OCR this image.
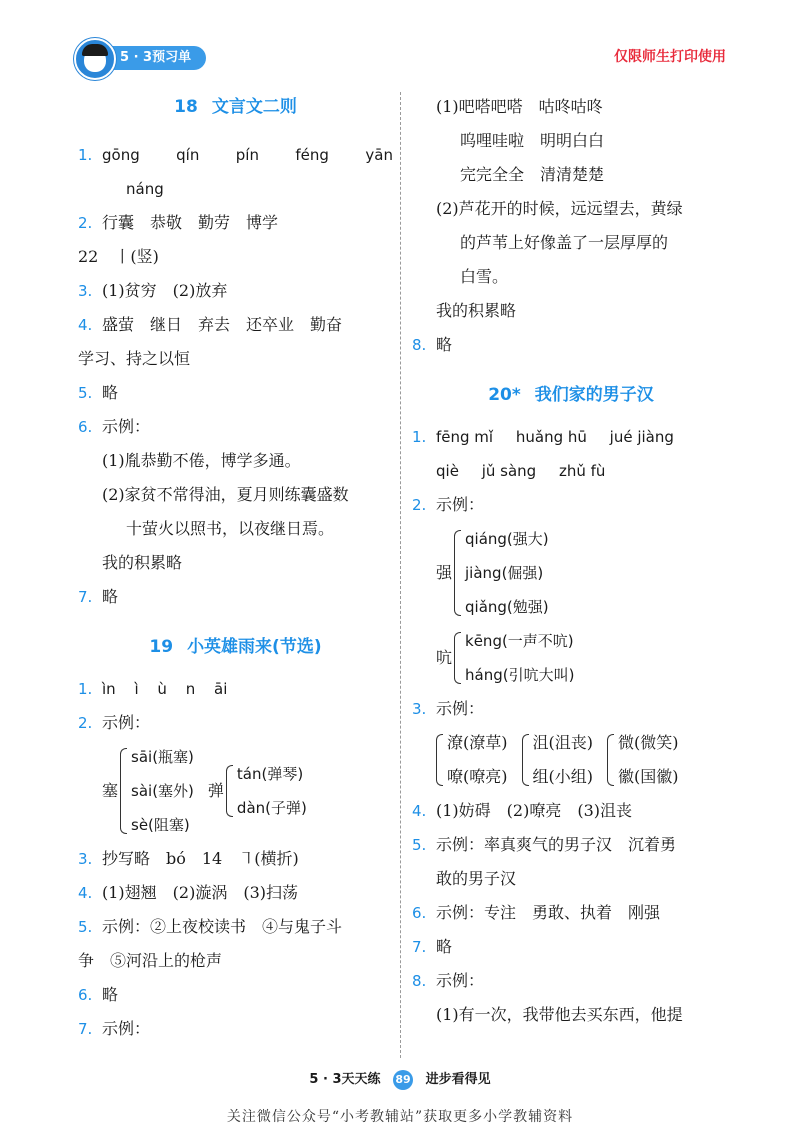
5 · 3预习单	仅限师生打印使用
18 文言文二则
1. gōng qín pín féng yān
náng
2. 行囊　恭敬　勤劳　博学
22　丨(竖)
3. (1)贫穷　(2)放弃
4. 盛萤　继日　弃去　还卒业　勤奋
学习、持之以恒
5. 略
6. 示例：
(1)胤恭勤不倦，博学多通。
(2)家贫不常得油，夏月则练囊盛数
十萤火以照书，以夜继日焉。
我的积累略
7. 略
19 小英雄雨来(节选)
1. ìn ì ù n āi
2. 示例：
塞
sāi(瓶塞)
sài(塞外)
sè(阻塞)
弹
tán(弹琴)
dàn(子弹)
3. 抄写略　bó　14　㇕(横折)
4. (1)翅翘　(2)漩涡　(3)扫荡
5. 示例：②上夜校读书　④与鬼子斗
争　⑤河沿上的枪声
6. 略
7. 示例：
(1)吧嗒吧嗒　咕咚咕咚
呜哩哇啦　明明白白
完完全全　清清楚楚
(2)芦花开的时候，远远望去，黄绿
的芦苇上好像盖了一层厚厚的
白雪。
我的积累略
8. 略
20* 我们家的男子汉
1. fēng mǐ huǎng hū jué jiàng
qiè jǔ sàng zhǔ fù
2. 示例：
强
qiáng(强大)
jiàng(倔强)
qiǎng(勉强)
吭
kēng(一声不吭)
háng(引吭大叫)
3. 示例：
潦(潦草)
嘹(嘹亮)
沮(沮丧)
组(小组)
微(微笑)
徽(国徽)
4. (1)妨碍　(2)嘹亮　(3)沮丧
5. 示例：率真爽气的男子汉　沉着勇
敢的男子汉
6. 示例：专注　勇敢、执着　刚强
7. 略
8. 示例：
(1)有一次，我带他去买东西，他提
5 · 3天天练 89 进步看得见
关注微信公众号“小考教辅站”获取更多小学教辅资料
